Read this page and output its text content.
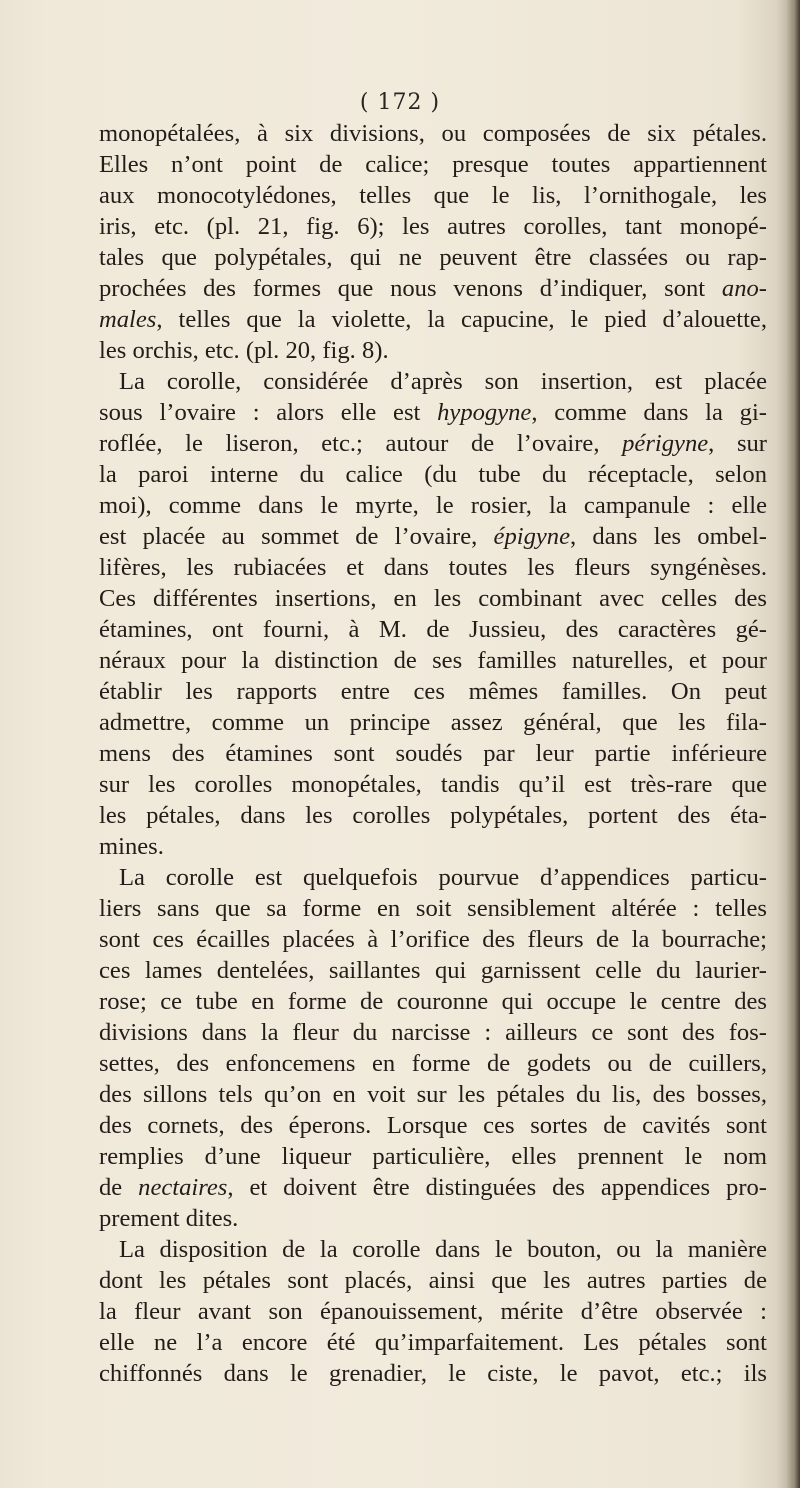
( 172 )
monopétalées, à six divisions, ou composées de six pétales.
Elles n’ont point de calice; presque toutes appartiennent
aux monocotylédones, telles que le lis, l’ornithogale, les
iris, etc. (pl. 21, fig. 6); les autres corolles, tant monopé-
tales que polypétales, qui ne peuvent être classées ou rap-
prochées des formes que nous venons d’indiquer, sont ano-
males, telles que la violette, la capucine, le pied d’alouette,
les orchis, etc. (pl. 20, fig. 8).
La corolle, considérée d’après son insertion, est placée
sous l’ovaire : alors elle est hypogyne, comme dans la gi-
roflée, le liseron, etc.; autour de l’ovaire, périgyne, sur
la paroi interne du calice (du tube du réceptacle, selon
moi), comme dans le myrte, le rosier, la campanule : elle
est placée au sommet de l’ovaire, épigyne, dans les ombel-
lifères, les rubiacées et dans toutes les fleurs syngénèses.
Ces différentes insertions, en les combinant avec celles des
étamines, ont fourni, à M. de Jussieu, des caractères gé-
néraux pour la distinction de ses familles naturelles, et pour
établir les rapports entre ces mêmes familles. On peut
admettre, comme un principe assez général, que les fila-
mens des étamines sont soudés par leur partie inférieure
sur les corolles monopétales, tandis qu’il est très-rare que
les pétales, dans les corolles polypétales, portent des éta-
mines.
La corolle est quelquefois pourvue d’appendices particu-
liers sans que sa forme en soit sensiblement altérée : telles
sont ces écailles placées à l’orifice des fleurs de la bourrache;
ces lames dentelées, saillantes qui garnissent celle du laurier-
rose; ce tube en forme de couronne qui occupe le centre des
divisions dans la fleur du narcisse : ailleurs ce sont des fos-
settes, des enfoncemens en forme de godets ou de cuillers,
des sillons tels qu’on en voit sur les pétales du lis, des bosses,
des cornets, des éperons. Lorsque ces sortes de cavités sont
remplies d’une liqueur particulière, elles prennent le nom
de nectaires, et doivent être distinguées des appendices pro-
prement dites.
La disposition de la corolle dans le bouton, ou la manière
dont les pétales sont placés, ainsi que les autres parties de
la fleur avant son épanouissement, mérite d’être observée :
elle ne l’a encore été qu’imparfaitement. Les pétales sont
chiffonnés dans le grenadier, le ciste, le pavot, etc.; ils
